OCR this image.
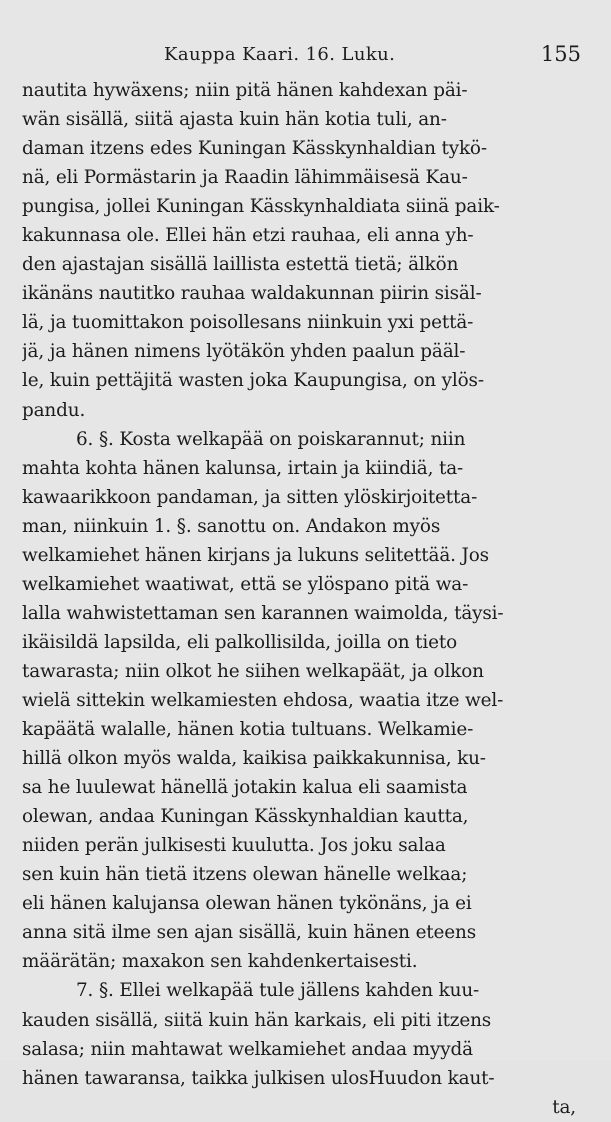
Kauppa Kaari. 16. Luku.	155
nautita hywäxens; niin pitä hänen kahdexan päi-
wän sisällä, siitä ajasta kuin hän kotia tuli, an-
daman itzens edes Kuningan Kässkynhaldian tykö-
nä, eli Pormästarin ja Raadin lähimmäisesä Kau-
pungisa, jollei Kuningan Kässkynhaldiata siinä paik-
kakunnasa ole. Ellei hän etzi rauhaa, eli anna yh-
den ajastajan sisällä laillista estettä tietä; älkön
ikänäns nautitko rauhaa waldakunnan piirin sisäl-
lä, ja tuomittakon poisollesans niinkuin yxi pettä-
jä, ja hänen nimens lyötäkön yhden paalun pääl-
le, kuin pettäjitä wasten joka Kaupungisa, on ylös-
pandu.
6. §. Kosta welkapää on poiskarannut; niin
mahta kohta hänen kalunsa, irtain ja kiindiä, ta-
kawaarikkoon pandaman, ja sitten ylöskirjoitetta-
man, niinkuin 1. §. sanottu on. Andakon myös
welkamiehet hänen kirjans ja lukuns selitettää. Jos
welkamiehet waatiwat, että se ylöspano pitä wa-
lalla wahwistettaman sen karannen waimolda, täysi-
ikäisildä lapsilda, eli palkollisilda, joilla on tieto
tawarasta; niin olkot he siihen welkapäät, ja olkon
wielä sittekin welkamiesten ehdosa, waatia itze wel-
kapäätä walalle, hänen kotia tultuans. Welkamie-
hillä olkon myös walda, kaikisa paikkakunnisa, ku-
sa he luulewat hänellä jotakin kalua eli saamista
olewan, andaa Kuningan Kässkynhaldian kautta,
niiden perän julkisesti kuulutta. Jos joku salaa
sen kuin hän tietä itzens olewan hänelle welkaa;
eli hänen kalujansa olewan hänen tykönäns, ja ei
anna sitä ilme sen ajan sisällä, kuin hänen eteens
määrätän; maxakon sen kahdenkertaisesti.
7. §. Ellei welkapää tule jällens kahden kuu-
kauden sisällä, siitä kuin hän karkais, eli piti itzens
salasa; niin mahtawat welkamiehet andaa myydä
hänen tawaransa, taikka julkisen ulosHuudon kaut-
ta,
